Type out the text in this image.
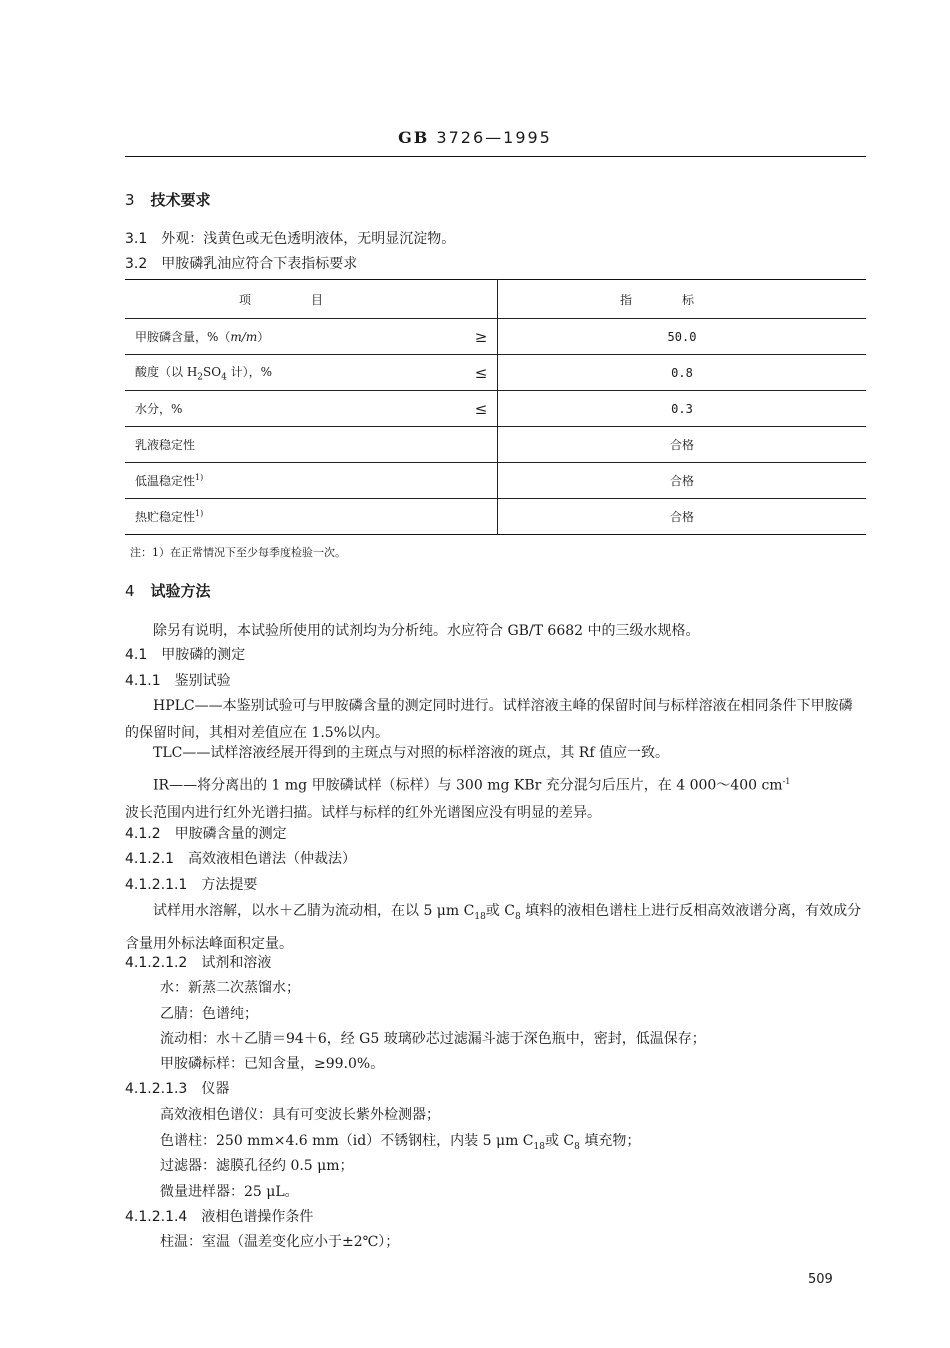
GB 3726—1995
3 技术要求
3.1 外观：浅黄色或无色透明液体，无明显沉淀物。
3.2 甲胺磷乳油应符合下表指标要求
项目		指标
甲胺磷含量，%（m/m）	≥	50.0
酸度（以 $H_2SO_4$ 计），%	≤	0.8
水分，%	≤	0.3
乳液稳定性		合格
低温稳定性$^{1)}$		合格
热贮稳定性$^{1)}$		合格
注：1）在正常情况下至少每季度检验一次。
4 试验方法
除另有说明，本试验所使用的试剂均为分析纯。水应符合 GB/T 6682 中的三级水规格。
4.1 甲胺磷的测定
4.1.1 鉴别试验
HPLC——本鉴别试验可与甲胺磷含量的测定同时进行。试样溶液主峰的保留时间与标样溶液在相同条件下甲胺磷的保留时间，其相对差值应在 1.5%以内。
TLC——试样溶液经展开得到的主斑点与对照的标样溶液的斑点，其 Rf 值应一致。
IR——将分离出的 1 mg 甲胺磷试样（标样）与 300 mg KBr 充分混匀后压片，在 4 000～400 $cm^{-1}$
波长范围内进行红外光谱扫描。试样与标样的红外光谱图应没有明显的差异。
4.1.2 甲胺磷含量的测定
4.1.2.1 高效液相色谱法（仲裁法）
4.1.2.1.1 方法提要
试样用水溶解，以水＋乙腈为流动相，在以 5 μm $C_{18}$或 $C_8$ 填料的液相色谱柱上进行反相高效液谱分离，有效成分含量用外标法峰面积定量。
4.1.2.1.2 试剂和溶液
水：新蒸二次蒸馏水；
乙腈：色谱纯；
流动相：水＋乙腈＝94＋6，经 G5 玻璃砂芯过滤漏斗滤于深色瓶中，密封，低温保存；
甲胺磷标样：已知含量，≥99.0%。
4.1.2.1.3 仪器
高效液相色谱仪：具有可变波长紫外检测器；
色谱柱：250 mm×4.6 mm（id）不锈钢柱，内装 5 μm $C_{18}$或 $C_8$ 填充物；
过滤器：滤膜孔径约 0.5 μm；
微量进样器：25 μL。
4.1.2.1.4 液相色谱操作条件
柱温：室温（温差变化应小于±2℃）；
509
